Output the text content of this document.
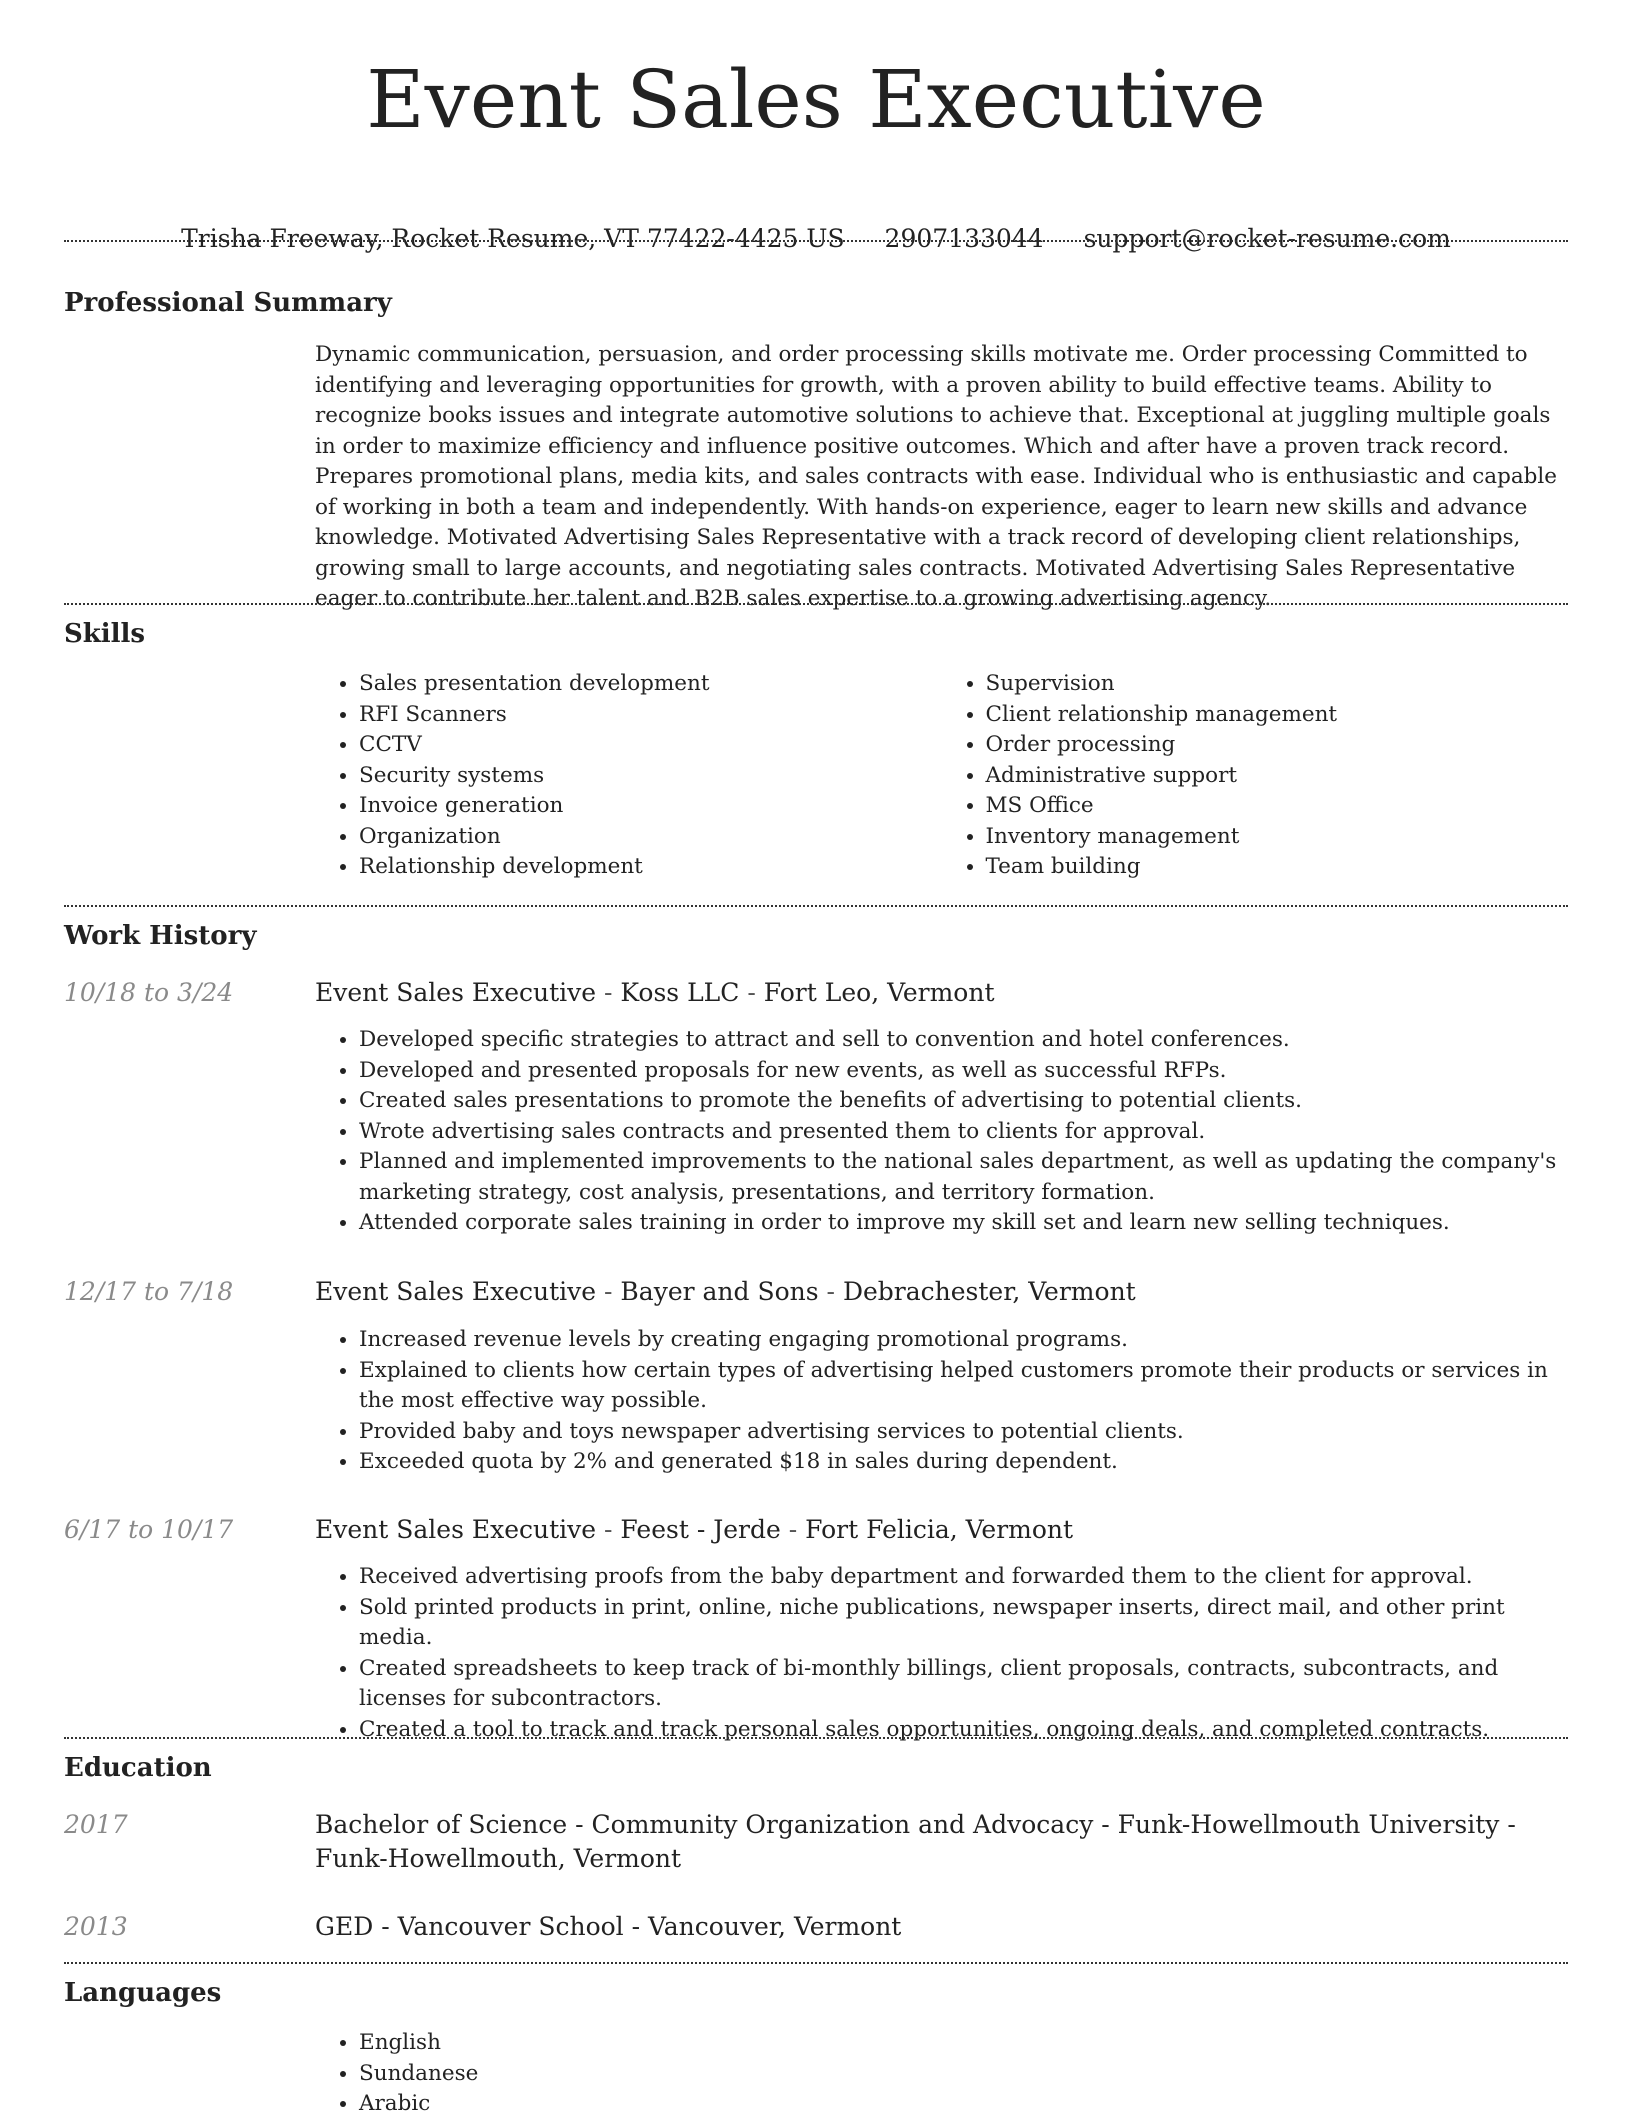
Event Sales Executive
Trisha Freeway, Rocket Resume, VT 77422-4425 US 2907133044 support@rocket-resume.com
Professional Summary
Dynamic communication, persuasion, and order processing skills motivate me. Order processing Committed to identifying and leveraging opportunities for growth, with a proven ability to build effective teams. Ability to recognize books issues and integrate automotive solutions to achieve that. Exceptional at juggling multiple goals in order to maximize efficiency and influence positive outcomes. Which and after have a proven track record. Prepares promotional plans, media kits, and sales contracts with ease. Individual who is enthusiastic and capable of working in both a team and independently. With hands-on experience, eager to learn new skills and advance knowledge. Motivated Advertising Sales Representative with a track record of developing client relationships, growing small to large accounts, and negotiating sales contracts. Motivated Advertising Sales Representative eager to contribute her talent and B2B sales expertise to a growing advertising agency.
Skills
• Sales presentation development
• RFI Scanners
• CCTV
• Security systems
• Invoice generation
• Organization
• Relationship development
• Supervision
• Client relationship management
• Order processing
• Administrative support
• MS Office
• Inventory management
• Team building
Work History
10/18 to 3/24	Event Sales Executive - Koss LLC - Fort Leo, Vermont
• Developed specific strategies to attract and sell to convention and hotel conferences.
• Developed and presented proposals for new events, as well as successful RFPs.
• Created sales presentations to promote the benefits of advertising to potential clients.
• Wrote advertising sales contracts and presented them to clients for approval.
• Planned and implemented improvements to the national sales department, as well as updating the company's marketing strategy, cost analysis, presentations, and territory formation.
• Attended corporate sales training in order to improve my skill set and learn new selling techniques.
12/17 to 7/18	Event Sales Executive - Bayer and Sons - Debrachester, Vermont
• Increased revenue levels by creating engaging promotional programs.
• Explained to clients how certain types of advertising helped customers promote their products or services in the most effective way possible.
• Provided baby and toys newspaper advertising services to potential clients.
• Exceeded quota by 2% and generated $18 in sales during dependent.
6/17 to 10/17	Event Sales Executive - Feest - Jerde - Fort Felicia, Vermont
• Received advertising proofs from the baby department and forwarded them to the client for approval.
• Sold printed products in print, online, niche publications, newspaper inserts, direct mail, and other print media.
• Created spreadsheets to keep track of bi-monthly billings, client proposals, contracts, subcontracts, and licenses for subcontractors.
• Created a tool to track and track personal sales opportunities, ongoing deals, and completed contracts.
Education
2017	Bachelor of Science - Community Organization and Advocacy - Funk-Howellmouth University - Funk-Howellmouth, Vermont
2013	GED - Vancouver School - Vancouver, Vermont
Languages
• English
• Sundanese
• Arabic
